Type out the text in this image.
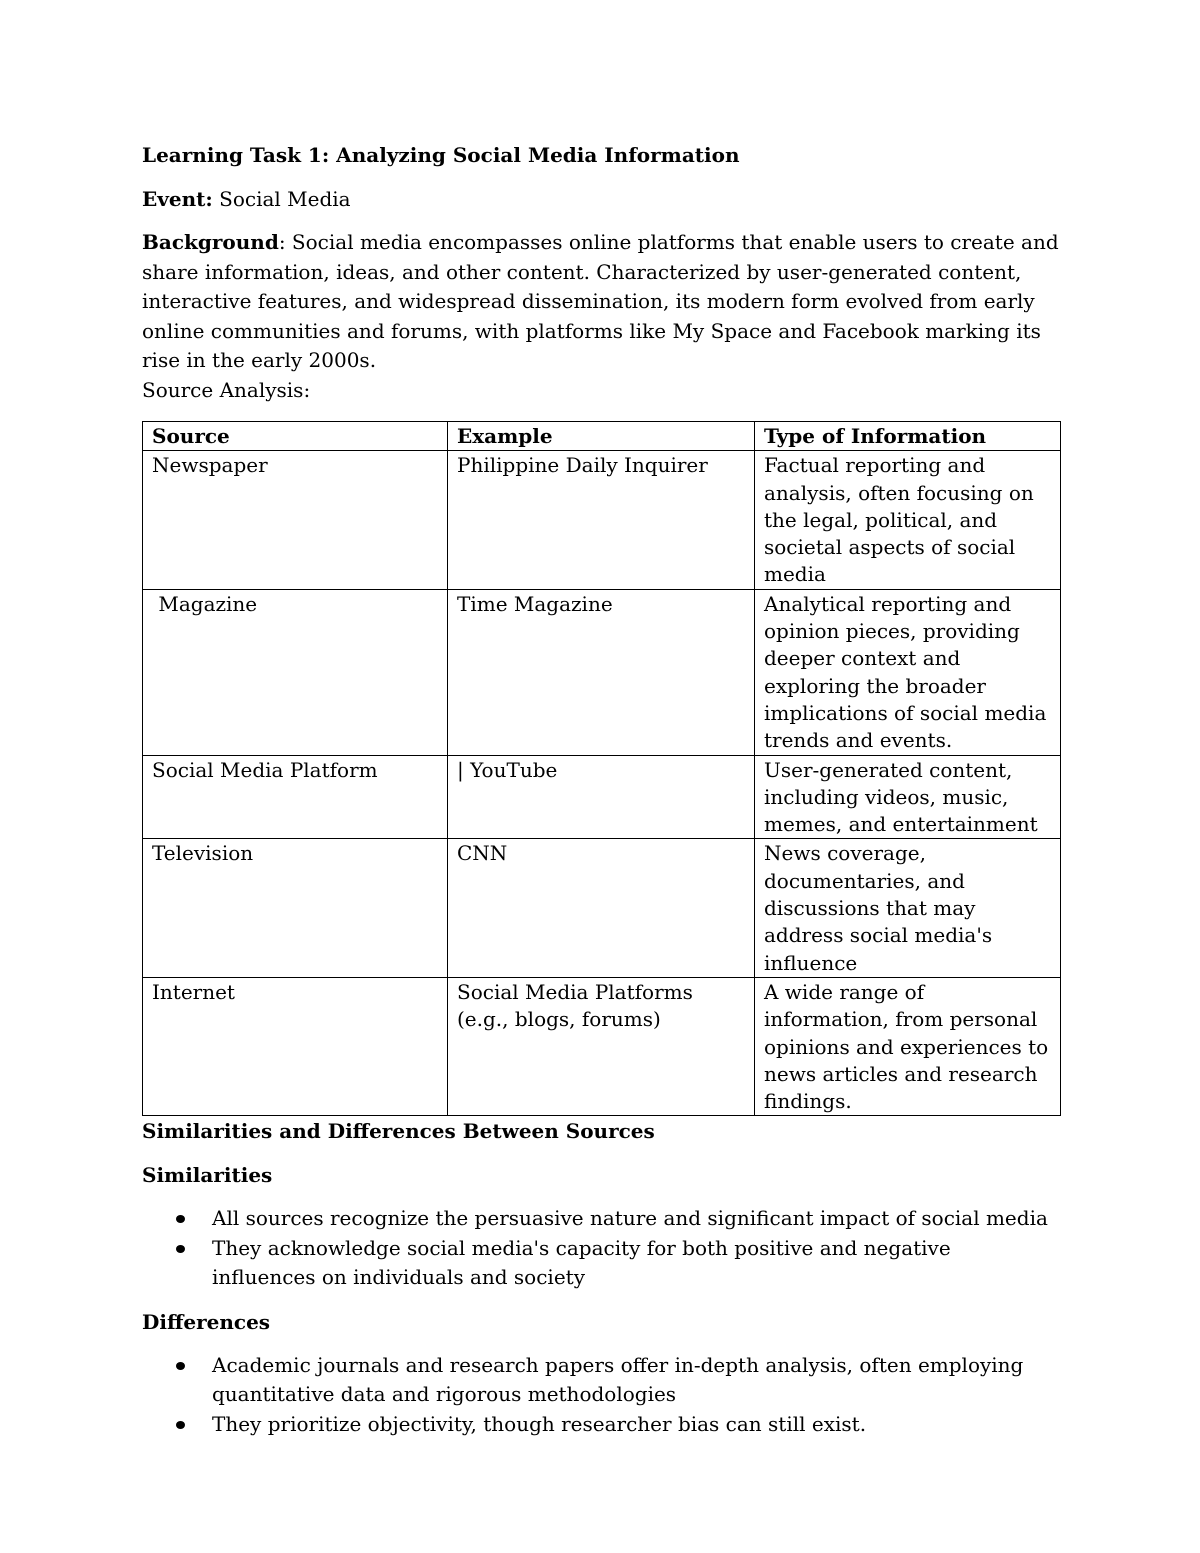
Learning Task 1: Analyzing Social Media Information
Event: Social Media

Background: Social media encompasses online platforms that enable users to create and share information, ideas, and other content. Characterized by user-generated content, interactive features, and widespread dissemination, its modern form evolved from early online communities and forums, with platforms like My Space and Facebook marking its rise in the early 2000s.

Source Analysis:
Source	Example	Type of Information
Newspaper	Philippine Daily Inquirer	Factual reporting and analysis, often focusing on the legal, political, and societal aspects of social media
Magazine	Time Magazine	Analytical reporting and opinion pieces, providing deeper context and exploring the broader implications of social media trends and events.
Social Media Platform	| YouTube	User-generated content, including videos, music, memes, and entertainment
Television	CNN	News coverage, documentaries, and discussions that may address social media's influence
Internet	Social Media Platforms (e.g., blogs, forums)	A wide range of information, from personal opinions and experiences to news articles and research findings.
Similarities and Differences Between Sources
Similarities
All sources recognize the persuasive nature and significant impact of social media
They acknowledge social media's capacity for both positive and negative influences on individuals and society
Differences
Academic journals and research papers offer in-depth analysis, often employing quantitative data and rigorous methodologies
They prioritize objectivity, though researcher bias can still exist.
